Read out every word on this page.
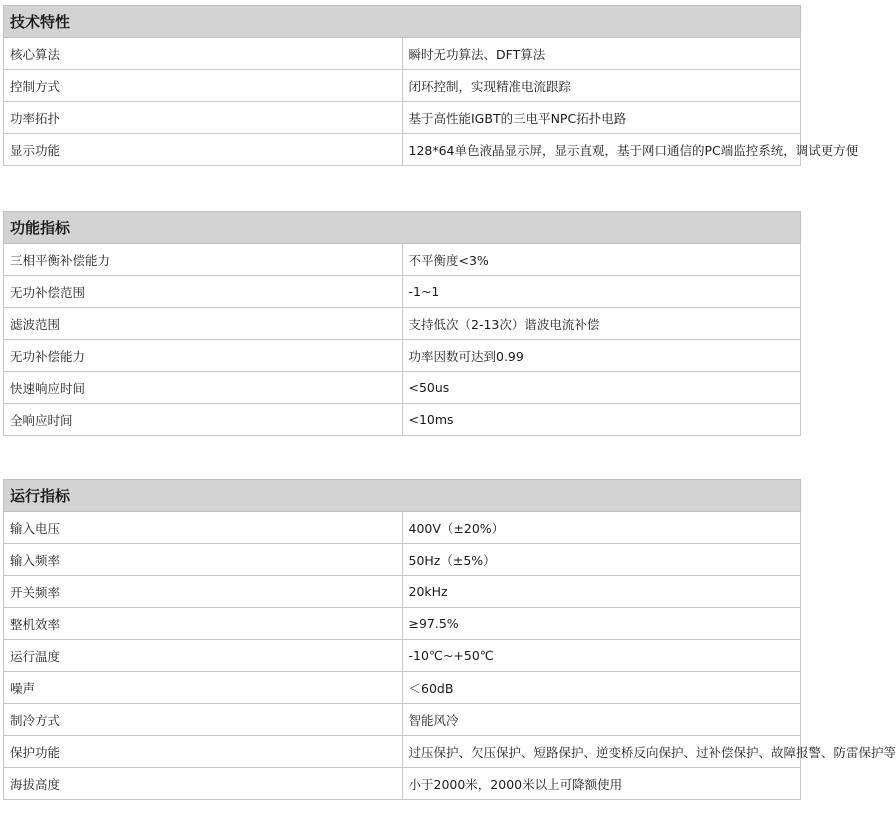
技术特性	
核心算法	瞬时无功算法、DFT算法
控制方式	闭环控制，实现精准电流跟踪
功率拓扑	基于高性能IGBT的三电平NPC拓扑电路
显示功能	128*64单色液晶显示屏，显示直观，基于网口通信的PC端监控系统，调试更方便
功能指标	
三相平衡补偿能力	不平衡度<3%
无功补偿范围	-1~1
滤波范围	支持低次（2-13次）谐波电流补偿
无功补偿能力	功率因数可达到0.99
快速响应时间	<50us
全响应时间	<10ms
运行指标	
输入电压	400V（±20%）
输入频率	50Hz（±5%）
开关频率	20kHz
整机效率	≥97.5%
运行温度	-10℃~+50℃
噪声	＜60dB
制冷方式	智能风冷
保护功能	过压保护、欠压保护、短路保护、逆变桥反向保护、过补偿保护、故障报警、防雷保护等
海拔高度	小于2000米，2000米以上可降额使用
